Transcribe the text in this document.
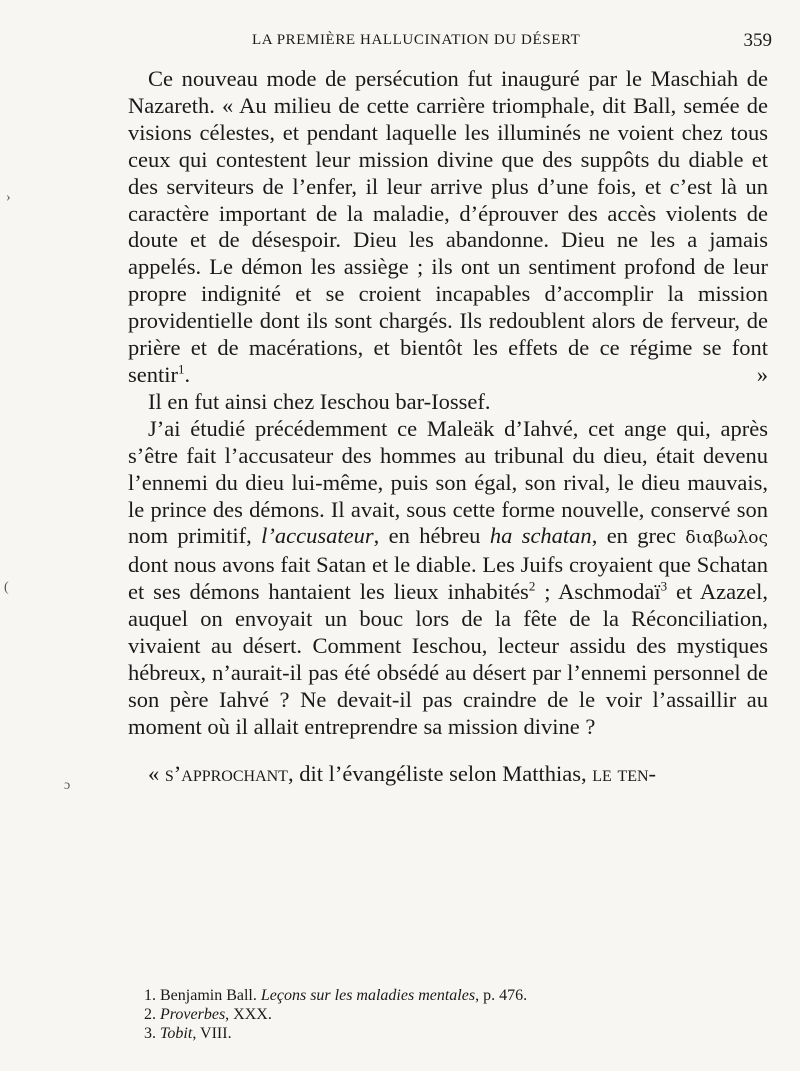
LA PREMIÈRE HALLUCINATION DU DÉSERT	359

Ce nouveau mode de persécution fut inauguré par le Maschiah de Nazareth. « Au milieu de cette carrière triomphale, dit Ball, semée de visions célestes, et pendant laquelle les illuminés ne voient chez tous ceux qui contestent leur mission divine que des suppôts du diable et des serviteurs de l’enfer, il leur arrive plus d’une fois, et c’est là un caractère important de la maladie, d’éprouver des accès violents de doute et de désespoir. Dieu les abandonne. Dieu ne les a jamais appelés. Le démon les assiège ; ils ont un sentiment profond de leur propre indignité et se croient incapables d’accomplir la mission providentielle dont ils sont chargés. Ils redoublent alors de ferveur, de prière et de macérations, et bientôt les effets de ce régime se font sentir$^1$. »

Il en fut ainsi chez Ieschou bar-Iossef.

J’ai étudié précédemment ce Maleäk d’Iahvé, cet ange qui, après s’être fait l’accusateur des hommes au tribunal du dieu, était devenu l’ennemi du dieu lui-même, puis son égal, son rival, le dieu mauvais, le prince des démons. Il avait, sous cette forme nouvelle, conservé son nom primitif, l’accusateur, en hébreu ha schatan, en grec διαβωλος dont nous avons fait Satan et le diable. Les Juifs croyaient que Schatan et ses démons hantaient les lieux inhabités$^2$ ; Aschmodaï$^3$ et Azazel, auquel on envoyait un bouc lors de la fête de la Réconciliation, vivaient au désert. Comment Ieschou, lecteur assidu des mystiques hébreux, n’aurait-il pas été obsédé au désert par l’ennemi personnel de son père Iahvé ? Ne devait-il pas craindre de le voir l’assaillir au moment où il allait entreprendre sa mission divine ?

« s’approchant, dit l’évangéliste selon Matthias, le ten-

1. Benjamin Ball. Leçons sur les maladies mentales, p. 476.
2. Proverbes, XXX.
3. Tobit, VIII.
›
(
ɔ
